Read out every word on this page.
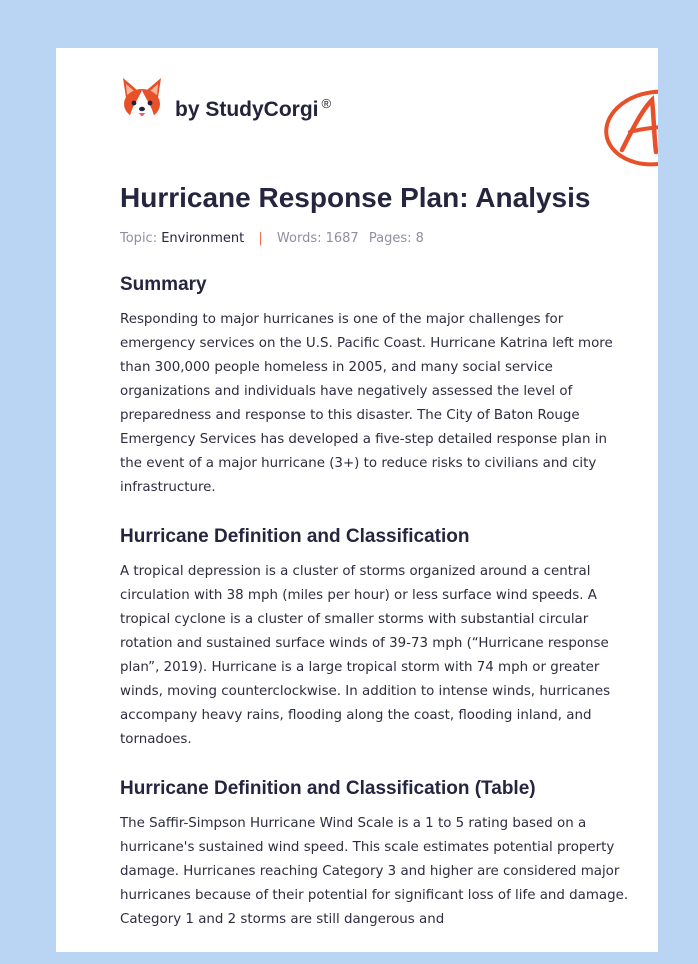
by StudyCorgi ®
Hurricane Response Plan: Analysis
Topic: Environment | Words: 1687 Pages: 8
Summary

Responding to major hurricanes is one of the major challenges for emergency services on the U.S. Pacific Coast. Hurricane Katrina left more than 300,000 people homeless in 2005, and many social service organizations and individuals have negatively assessed the level of preparedness and response to this disaster. The City of Baton Rouge Emergency Services has developed a five-step detailed response plan in the event of a major hurricane (3+) to reduce risks to civilians and city infrastructure.

Hurricane Definition and Classification

A tropical depression is a cluster of storms organized around a central circulation with 38 mph (miles per hour) or less surface wind speeds. A tropical cyclone is a cluster of smaller storms with substantial circular rotation and sustained surface winds of 39-73 mph (“Hurricane response plan”, 2019). Hurricane is a large tropical storm with 74 mph or greater winds, moving counterclockwise. In addition to intense winds, hurricanes accompany heavy rains, flooding along the coast, flooding inland, and tornadoes.

Hurricane Definition and Classification (Table)

The Saffir-Simpson Hurricane Wind Scale is a 1 to 5 rating based on a hurricane's sustained wind speed. This scale estimates potential property damage. Hurricanes reaching Category 3 and higher are considered major hurricanes because of their potential for significant loss of life and damage. Category 1 and 2 storms are still dangerous and
